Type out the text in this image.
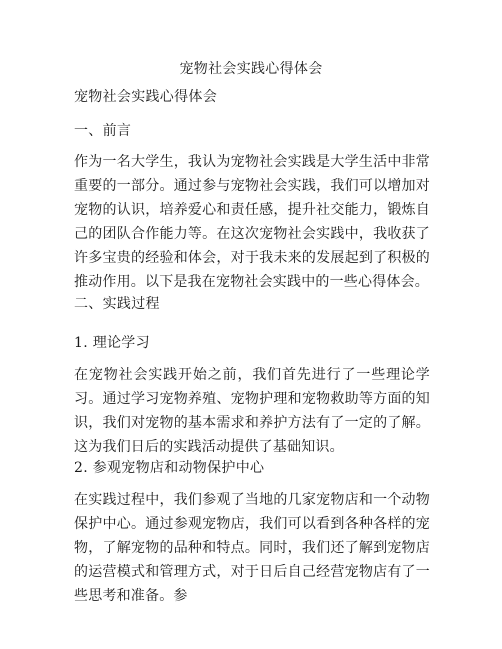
宠物社会实践心得体会

宠物社会实践心得体会

一、前言

作为一名大学生，我认为宠物社会实践是大学生活中非常重要的一部分。通过参与宠物社会实践，我们可以增加对宠物的认识，培养爱心和责任感，提升社交能力，锻炼自己的团队合作能力等。在这次宠物社会实践中，我收获了许多宝贵的经验和体会，对于我未来的发展起到了积极的推动作用。以下是我在宠物社会实践中的一些心得体会。

二、实践过程

1. 理论学习

在宠物社会实践开始之前，我们首先进行了一些理论学习。通过学习宠物养殖、宠物护理和宠物救助等方面的知识，我们对宠物的基本需求和养护方法有了一定的了解。这为我们日后的实践活动提供了基础知识。

2. 参观宠物店和动物保护中心

在实践过程中，我们参观了当地的几家宠物店和一个动物保护中心。通过参观宠物店，我们可以看到各种各样的宠物，了解宠物的品种和特点。同时，我们还了解到宠物店的运营模式和管理方式，对于日后自己经营宠物店有了一些思考和准备。参
